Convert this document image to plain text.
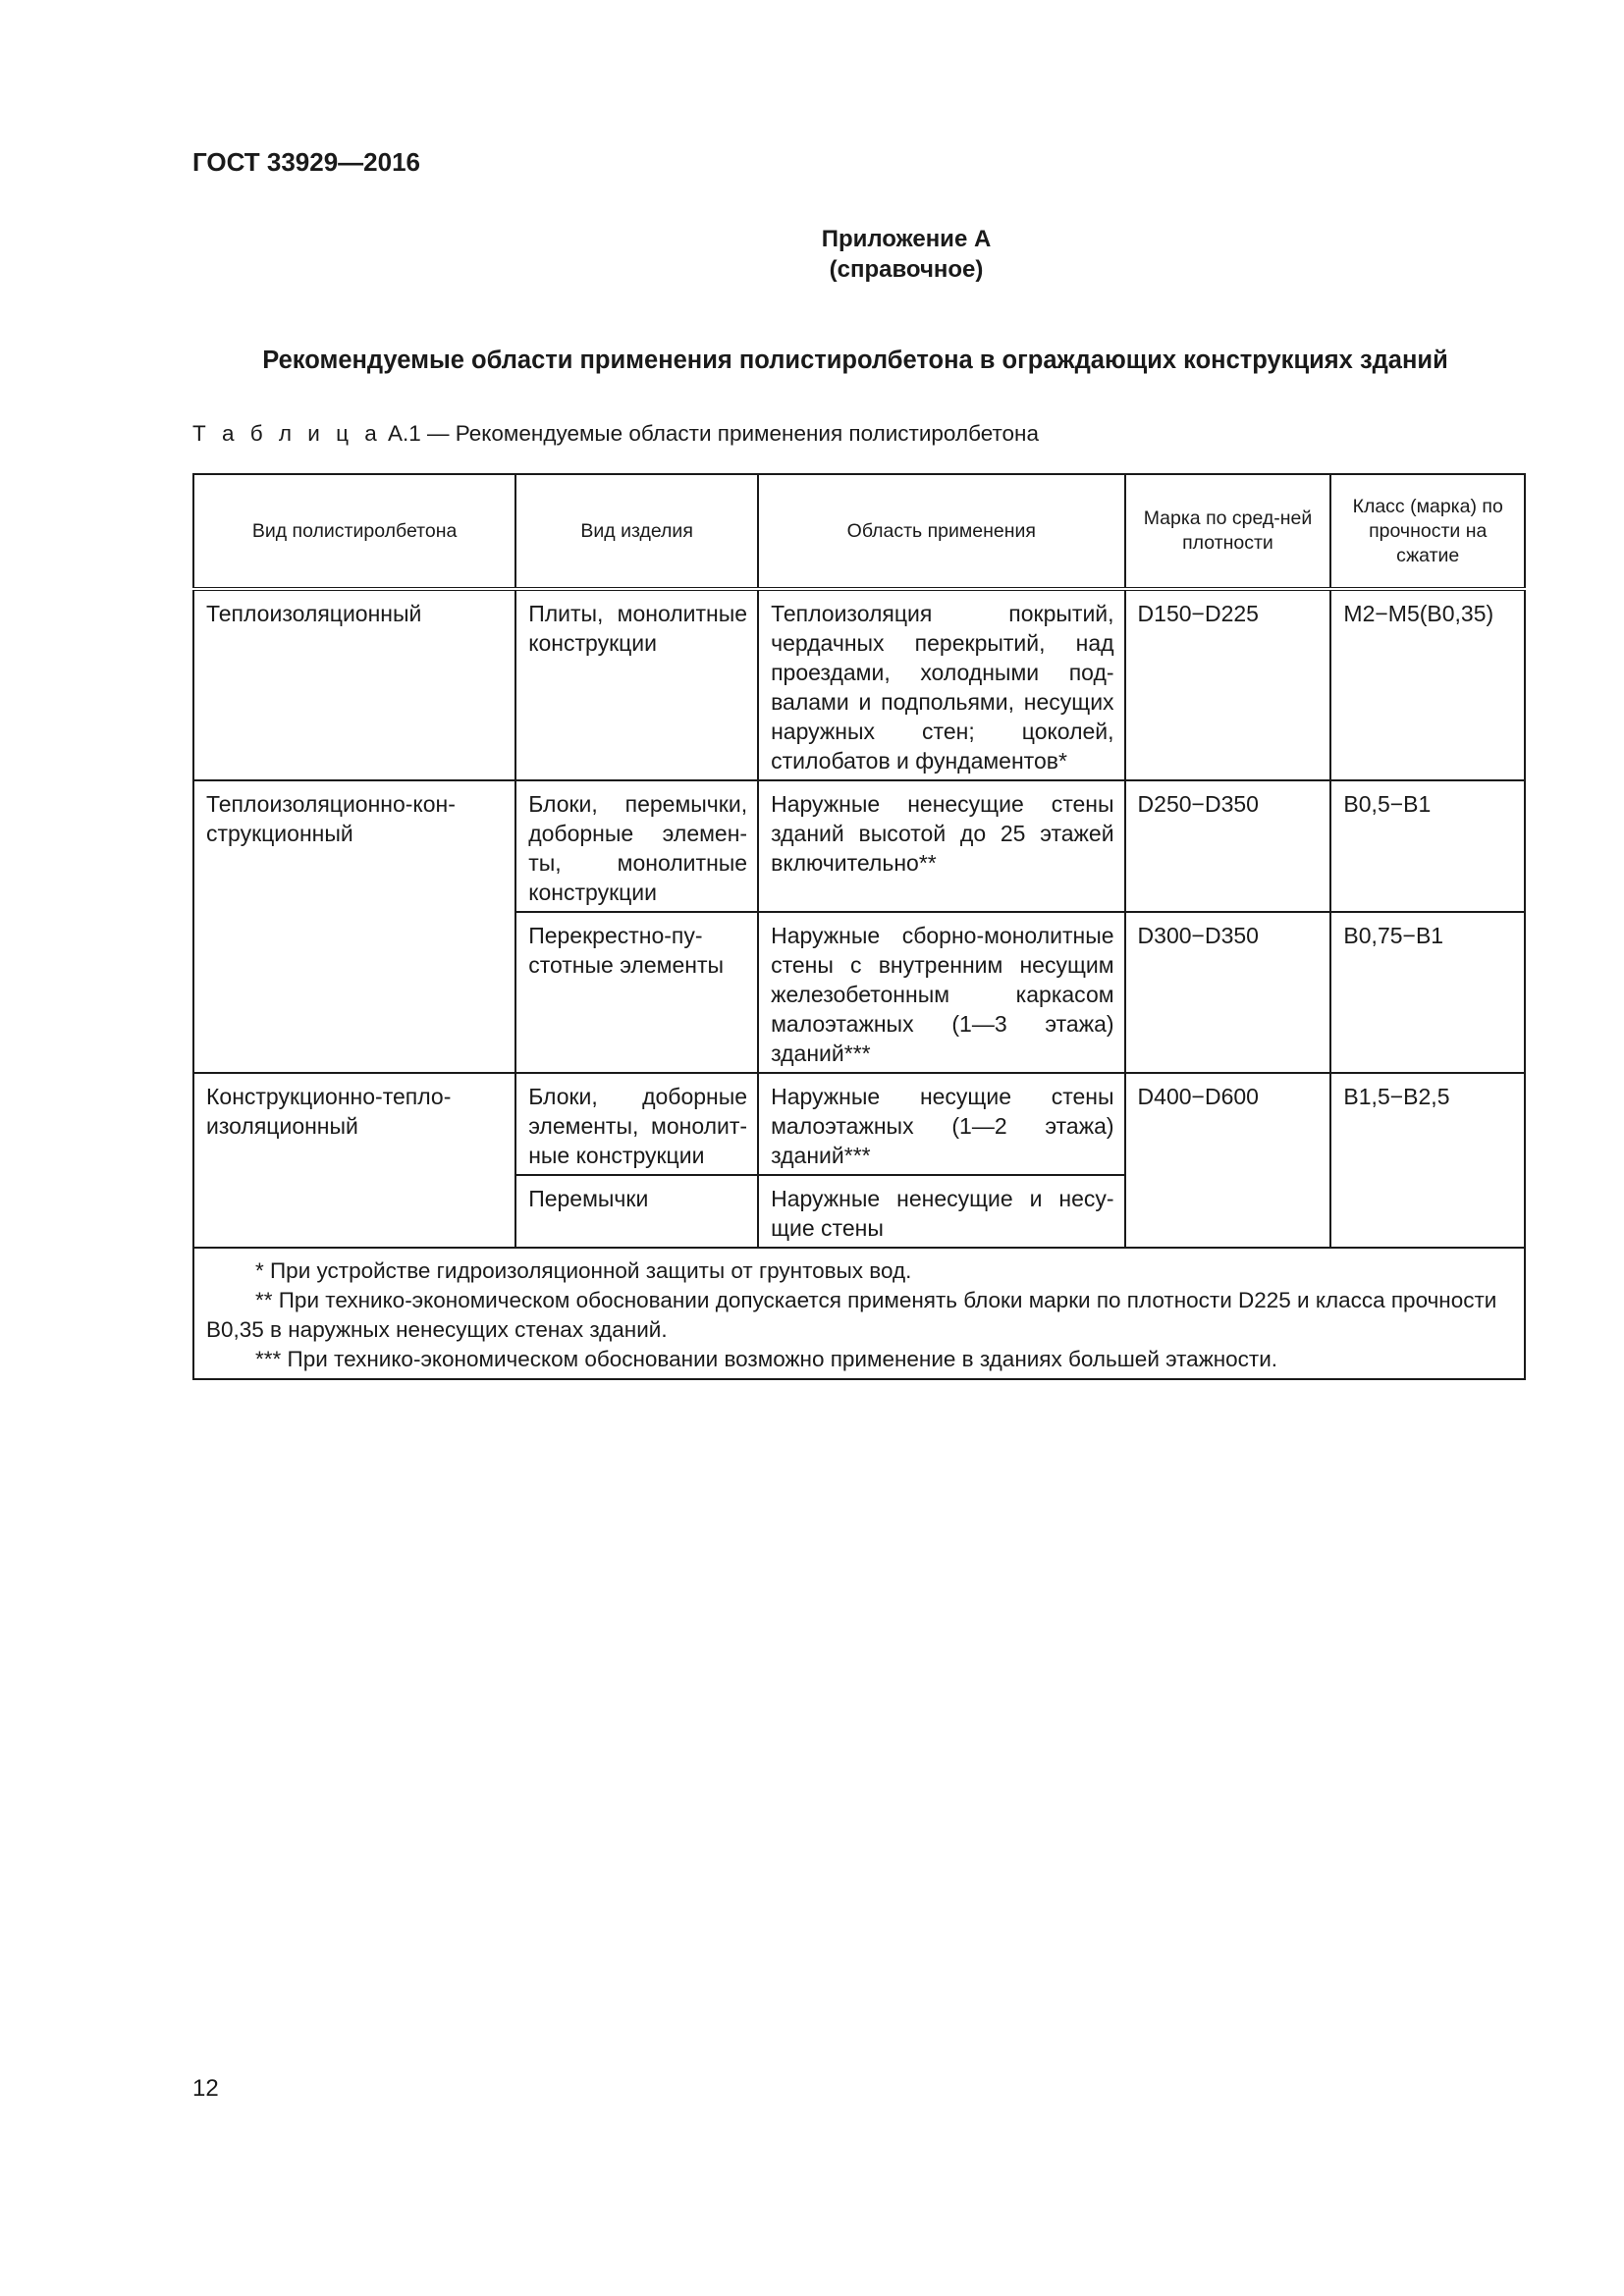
ГОСТ 33929—2016
Приложение А
(справочное)
Рекомендуемые области применения полистиролбетона в ограждающих конструкциях зданий
Т а б л и ц а А.1 — Рекомендуемые области применения полистиролбетона
Вид полистиролбетона	Вид изделия	Область применения	Марка по сред-ней плотности	Класс (марка) по прочности на сжатие
Теплоизоляционный	Плиты, монолитные конструкции	Теплоизоляция покрытий, чердачных перекрытий, над проездами, холодными подвалами и подпольями, несущих наружных стен; цоколей, стилобатов и фундаментов*	D150−D225	М2−М5(В0,35)
Теплоизоляционно-конструкционный	Блоки, перемычки, доборные элементы, монолитные конструкции	Наружные ненесущие стены зданий высотой до 25 этажей включительно**	D250−D350	В0,5−В1
	Перекрестно-пустотные элементы	Наружные сборно-монолитные стены с внутренним несущим железобетонным каркасом малоэтажных (1—3 этажа) зданий***	D300−D350	В0,75−В1
Конструкционно-теплоизоляционный	Блоки, доборные элементы, монолитные конструкции	Наружные несущие стены малоэтажных (1—2 этажа) зданий***	D400−D600	В1,5−В2,5
	Перемычки	Наружные ненесущие и несущие стены		

* При устройстве гидроизоляционной защиты от грунтовых вод.

** При технико-экономическом обосновании допускается применять блоки марки по плотности D225 и класса прочности В0,35 в наружных ненесущих стенах зданий.

*** При технико-экономическом обосновании возможно применение в зданиях большей этажности.				

12
